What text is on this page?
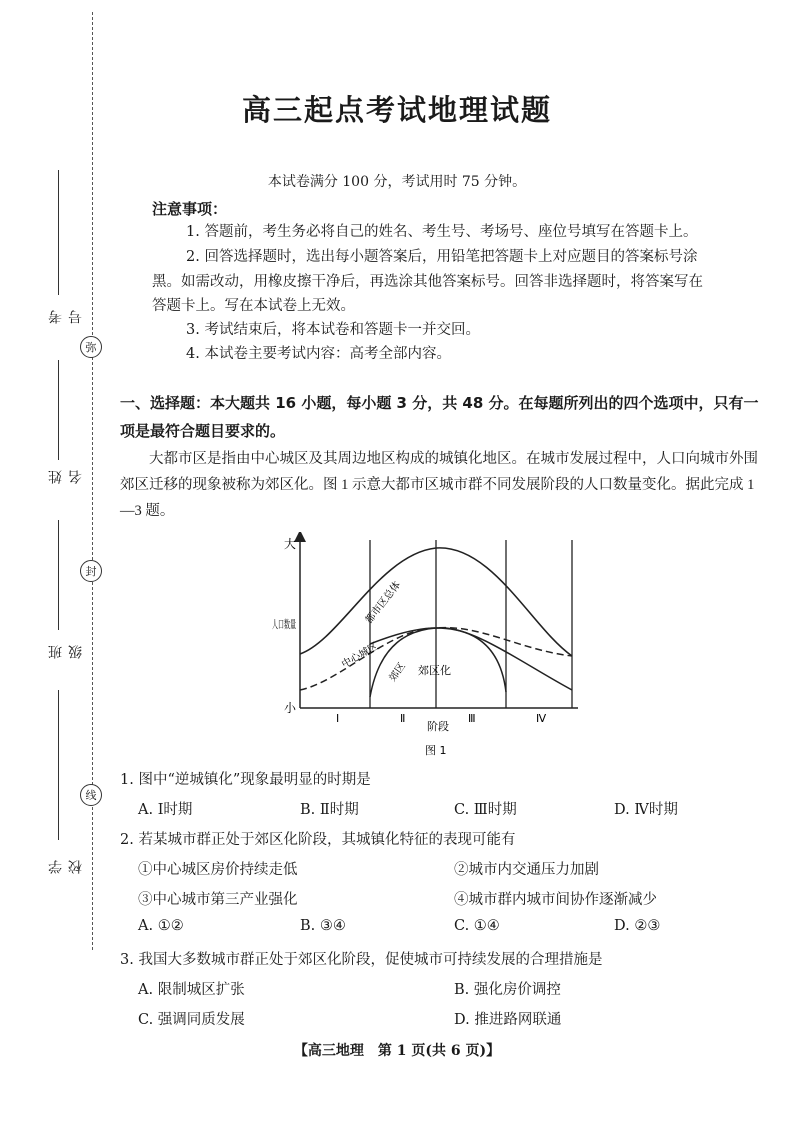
弥
封
线
考号
姓名
班级
学校
高三起点考试地理试题
本试卷满分 100 分，考试用时 75 分钟。
注意事项：
1. 答题前，考生务必将自己的姓名、考生号、考场号、座位号填写在答题卡上。
2. 回答选择题时，选出每小题答案后，用铅笔把答题卡上对应题目的答案标号涂
黑。如需改动，用橡皮擦干净后，再选涂其他答案标号。回答非选择题时，将答案写在
答题卡上。写在本试卷上无效。
3. 考试结束后，将本试卷和答题卡一并交回。
4. 本试卷主要考试内容：高考全部内容。
一、选择题：本大题共 16 小题，每小题 3 分，共 48 分。在每题所列出的四个选项中，只有一项是最符合题目要求的。
大都市区是指由中心城区及其周边地区构成的城镇化地区。在城市发展过程中，人口向城市外围郊区迁移的现象被称为郊区化。图 1 示意大都市区城市群不同发展阶段的人口数量变化。据此完成 1—3 题。
大
小
人口数量
Ⅰ	Ⅱ	Ⅲ	Ⅳ
阶段
图 1
都市区总体
中心城区
郊区 郊区化
1. 图中“逆城镇化”现象最明显的时期是
A. Ⅰ时期	B. Ⅱ时期	C. Ⅲ时期	D. Ⅳ时期
2. 若某城市群正处于郊区化阶段，其城镇化特征的表现可能有
①中心城区房价持续走低	②城市内交通压力加剧
③中心城市第三产业强化	④城市群内城市间协作逐渐减少
A. ①②	B. ③④	C. ①④	D. ②③
3. 我国大多数城市群正处于郊区化阶段，促使城市可持续发展的合理措施是
A. 限制城区扩张	B. 强化房价调控
C. 强调同质发展	D. 推进路网联通
【高三地理　第 1 页(共 6 页)】
